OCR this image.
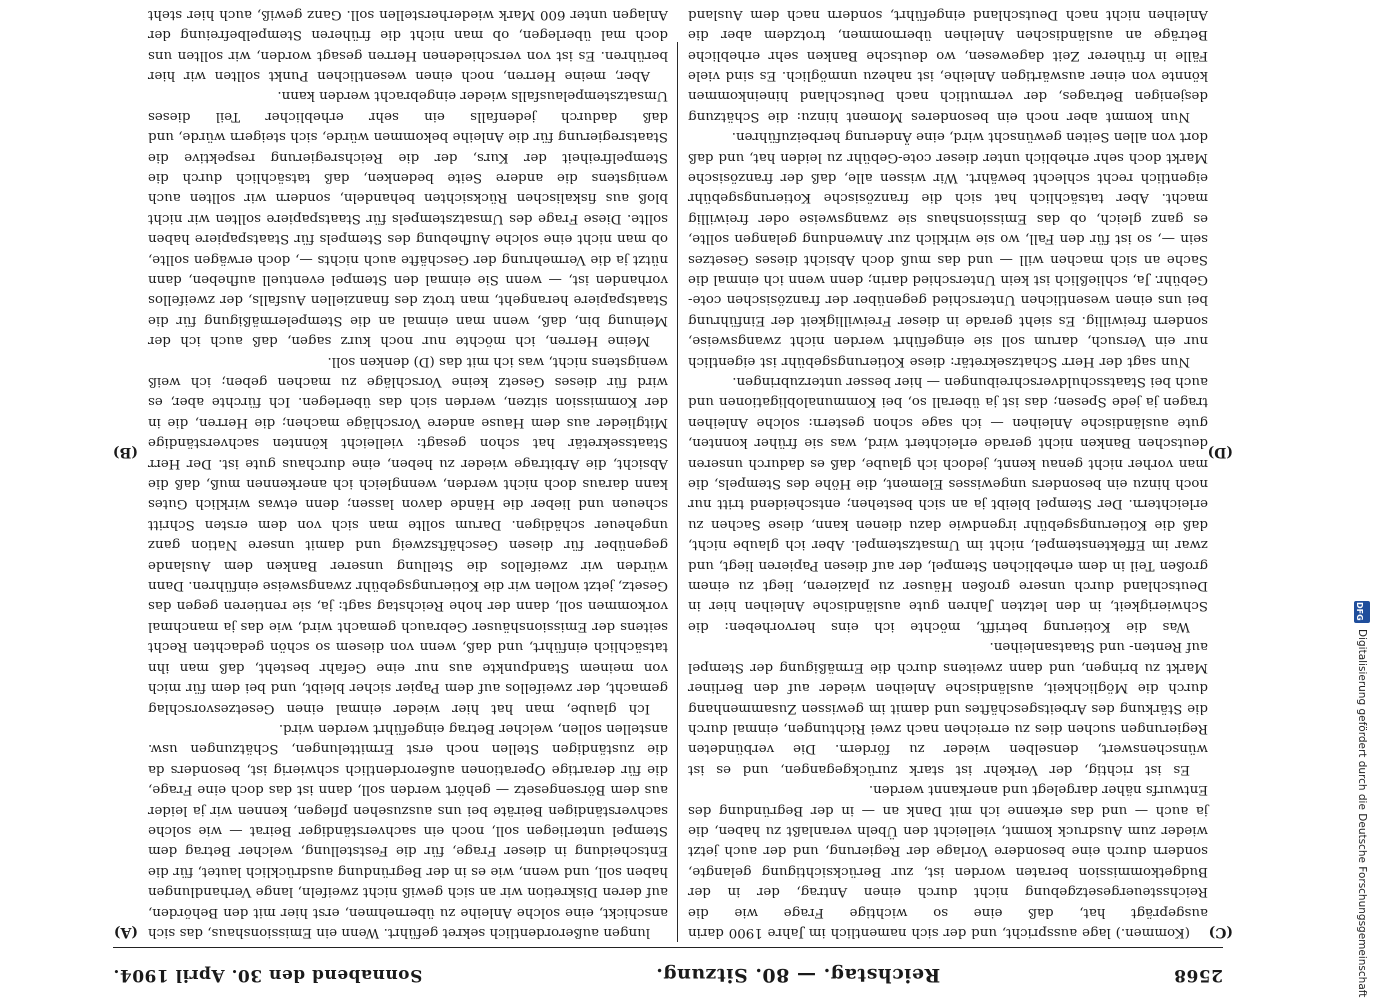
2568
Reichstag. — 80. Sitzung.
Sonnabend den 30. April 1904.

(Kommen.) lage ausspricht, und der sich namentlich im Jahre 1900 darin ausgeprägt hat, daß eine so wichtige Frage wie die Reichssteuergesetzgebung nicht durch einen Antrag, der in der Budgetkommission beraten worden ist, zur Berücksichtigung gelangte, sondern durch eine besondere Vorlage der Regierung, und der auch jetzt wieder zum Ausdruck kommt, vielleicht den Übeln veranlaßt zu haben, die ja auch — und das erkenne ich mit Dank an — in der Begründung des Entwurfs näher dargelegt und anerkannt werden.

Es ist richtig, der Verkehr ist stark zurückgegangen, und es ist wünschenswert, denselben wieder zu fördern. Die verbündeten Regierungen suchen dies zu erreichen nach zwei Richtungen, einmal durch die Stärkung des Arbeitsgeschäftes und damit im gewissen Zusammenhang durch die Möglichkeit, ausländische Anleihen wieder auf den Berliner Markt zu bringen, und dann zweitens durch die Ermäßigung der Stempel auf Renten- und Staatsanleihen.

Was die Kotierung betrifft, möchte ich eins hervorheben: die Schwierigkeit, in den letzten Jahren gute ausländische Anleihen hier in Deutschland durch unsere großen Häuser zu plazieren, liegt zu einem großen Teil in dem erheblichen Stempel, der auf diesen Papieren liegt, und zwar im Effektenstempel, nicht im Umsatzstempel. Aber ich glaube nicht, daß die Kotierungsgebühr irgendwie dazu dienen kann, diese Sachen zu erleichtern. Der Stempel bleibt ja an sich bestehen; entscheidend tritt nur noch hinzu ein besonders ungewisses Element, die Höhe des Stempels, die man vorher nicht genau kennt, jedoch ich glaube, daß es dadurch unseren deutschen Banken nicht gerade erleichtert wird, was sie früher konnten, gute ausländische Anleihen — ich sage schon gestern: solche Anleihen tragen ja jede Spesen; das ist ja überall so, bei Kommunalobligationen und auch bei Staatsschuldverschreibungen — hier besser unterzubringen.

Nun sagt der Herr Schatzsekretär: diese Kotierungsgebühr ist eigentlich nur ein Versuch, darum soll sie eingeführt werden nicht zwangsweise, sondern freiwillig. Es sieht gerade in dieser Freiwilligkeit der Einführung bei uns einen wesentlichen Unterschied gegenüber der französischen cote-Gebühr. Ja, schließlich ist kein Unterschied darin; denn wenn ich einmal die Sache an sich machen will — und das muß doch Absicht dieses Gesetzes sein —, so ist für den Fall, wo sie wirklich zur Anwendung gelangen sollte, es ganz gleich, ob das Emissionshaus sie zwangsweise oder freiwillig macht. Aber tatsächlich hat sich die französische Kotierungsgebühr eigentlich recht schlecht bewährt. Wir wissen alle, daß der französische Markt doch sehr erheblich unter dieser cote-Gebühr zu leiden hat, und daß dort von allen Seiten gewünscht wird, eine Änderung herbeizuführen.

Nun kommt aber noch ein besonderes Moment hinzu: die Schätzung desjenigen Betrages, der vermutlich nach Deutschland hineinkommen könnte von einer auswärtigen Anleihe, ist nahezu unmöglich. Es sind viele Fälle in früherer Zeit dagewesen, wo deutsche Banken sehr erhebliche Beträge an ausländischen Anleihen übernommen, trotzdem aber die Anleihen nicht nach Deutschland eingeführt, sondern nach dem Ausland

lungen außerordentlich sekret geführt. Wenn ein Emissionshaus, das sich anschickt, eine solche Anleihe zu übernehmen, erst hier mit den Behörden, auf deren Diskretion wir an sich gewiß nicht zweifeln, lange Verhandlungen haben soll, und wenn, wie es in der Begründung ausdrücklich lautet, für die Entscheidung in dieser Frage, für die Feststellung, welcher Betrag dem Stempel unterliegen soll, noch ein sachverständiger Beirat — wie solche sachverständigen Beiräte bei uns auszusehen pflegen, kennen wir ja leider aus dem Börsengesetz — gehört werden soll, dann ist das doch eine Frage, die für derartige Operationen außerordentlich schwierig ist, besonders da die zuständigen Stellen noch erst Ermittelungen, Schätzungen usw. anstellen sollen, welcher Betrag eingeführt werden wird.

Ich glaube, man hat hier wieder einmal einen Gesetzesvorschlag gemacht, der zweifellos auf dem Papier sicher bleibt, und bei dem für mich von meinem Standpunkte aus nur eine Gefahr besteht, daß man ihn tatsächlich einführt, und daß, wenn von diesem so schön gedachten Recht seitens der Emissionshäuser Gebrauch gemacht wird, wie das ja manchmal vorkommen soll, dann der hohe Reichstag sagt: ja, sie rentieren gegen das Gesetz, jetzt wollen wir die Kotierungsgebühr zwangsweise einführen. Dann würden wir zweifellos die Stellung unserer Banken dem Auslande gegenüber für diesen Geschäftszweig und damit unsere Nation ganz ungeheuer schädigen. Darum sollte man sich von dem ersten Schritt scheuen und lieber die Hände davon lassen; denn etwas wirklich Gutes kann daraus doch nicht werden, wenngleich ich anerkennen muß, daß die Absicht, die Arbitrage wieder zu heben, eine durchaus gute ist. Der Herr Staatssekretär hat schon gesagt: vielleicht könnten sachverständige Mitglieder aus dem Hause andere Vorschläge machen; die Herren, die in der Kommission sitzen, werden sich das überlegen. Ich fürchte aber, es wird für dieses Gesetz keine Vorschläge zu machen geben; ich weiß wenigstens nicht, was ich mit das (D) denken soll.

Meine Herren, ich möchte nur noch kurz sagen, daß auch ich der Meinung bin, daß, wenn man einmal an die Stempelermäßigung für die Staatspapiere herangeht, man trotz des finanziellen Ausfalls, der zweifellos vorhanden ist, — wenn Sie einmal den Stempel eventuell aufheben, dann nützt ja die Vermehrung der Geschäfte auch nichts —, doch erwägen sollte, ob man nicht eine solche Aufhebung des Stempels für Staatspapiere haben sollte. Diese Frage des Umsatzstempels für Staatspapiere sollten wir nicht bloß aus fiskalischen Rücksichten behandeln, sondern wir sollten auch wenigstens die andere Seite bedenken, daß tatsächlich durch die Stempelfreiheit der Kurs, der die Reichsregierung respektive die Staatsregierung für die Anleihe bekommen würde, sich steigern würde, und daß dadurch jedenfalls ein sehr erheblicher Teil dieses Umsatzstempelausfalls wieder eingebracht werden kann.

Aber, meine Herren, noch einen wesentlichen Punkt sollten wir hier berühren. Es ist von verschiedenen Herren gesagt worden, wir sollten uns doch mal überlegen, ob man nicht die früheren Stempelbefreiung der Anlagen unter 600 Mark wiederherstellen soll. Ganz gewiß, auch hier steht

(A)
(B)
(C)
(D)
DFG
Digitalisierung gefördert durch die Deutsche Forschungsgemeinschaft
